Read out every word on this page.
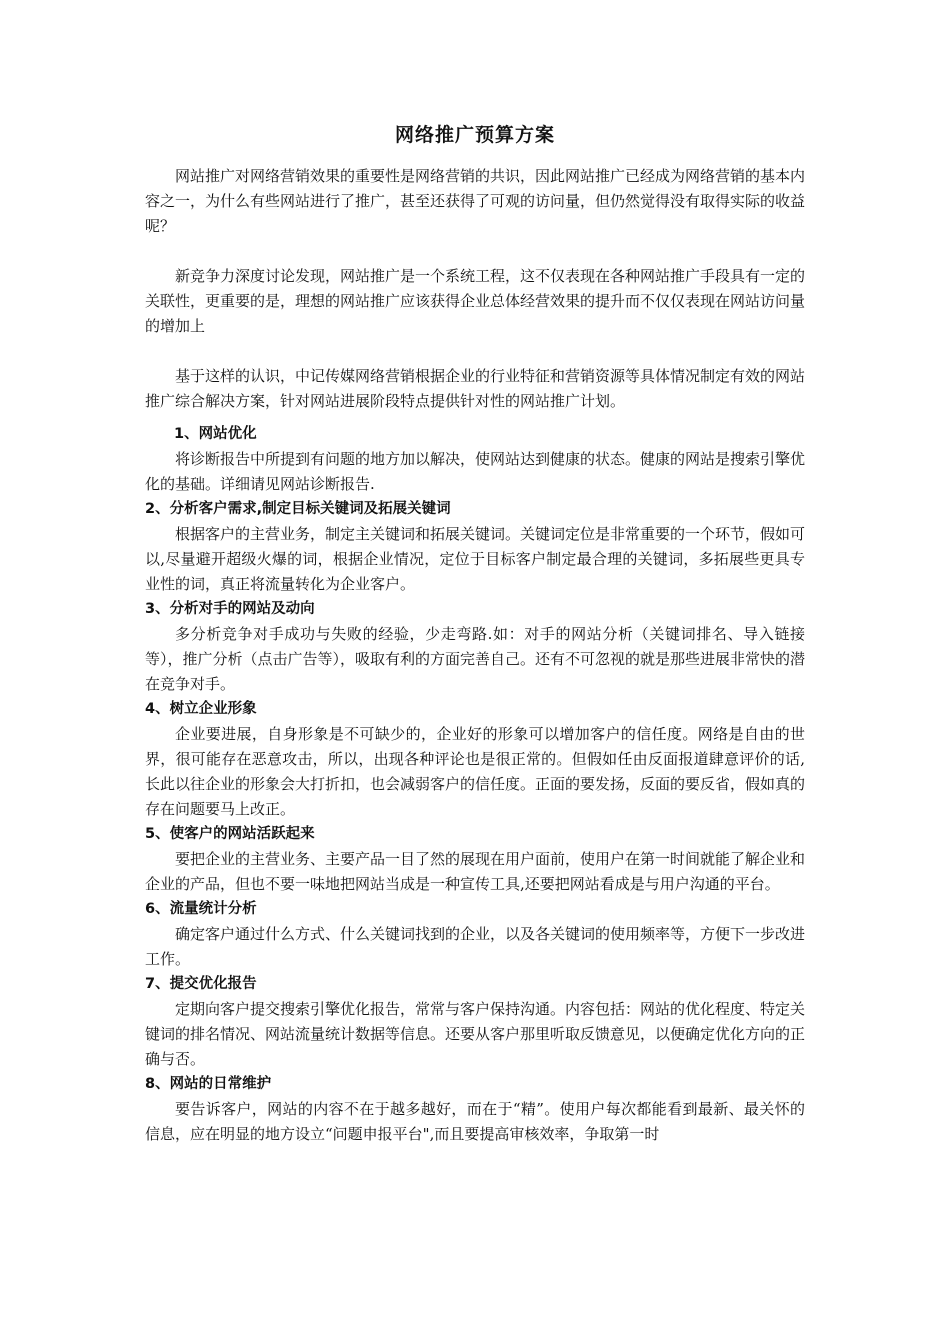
网络推广预算方案

网站推广对网络营销效果的重要性是网络营销的共识，因此网站推广已经成为网络营销的基本内容之一，为什么有些网站进行了推广，甚至还获得了可观的访问量，但仍然觉得没有取得实际的收益呢？

新竞争力深度讨论发现，网站推广是一个系统工程，这不仅表现在各种网站推广手段具有一定的关联性，更重要的是，理想的网站推广应该获得企业总体经营效果的提升而不仅仅表现在网站访问量的增加上

基于这样的认识，中记传媒网络营销根据企业的行业特征和营销资源等具体情况制定有效的网站推广综合解决方案，针对网站进展阶段特点提供针对性的网站推广计划。

1、网站优化

将诊断报告中所提到有问题的地方加以解决，使网站达到健康的状态。健康的网站是搜索引擎优化的基础。详细请见网站诊断报告.

2、分析客户需求,制定目标关键词及拓展关键词

根据客户的主营业务，制定主关键词和拓展关键词。关键词定位是非常重要的一个环节，假如可以,尽量避开超级火爆的词，根据企业情况，定位于目标客户制定最合理的关键词，多拓展些更具专业性的词，真正将流量转化为企业客户。

3、分析对手的网站及动向

多分析竞争对手成功与失败的经验，少走弯路.如：对手的网站分析（关键词排名、导入链接等），推广分析（点击广告等），吸取有利的方面完善自己。还有不可忽视的就是那些进展非常快的潜在竞争对手。

4、树立企业形象

企业要进展，自身形象是不可缺少的，企业好的形象可以增加客户的信任度。网络是自由的世界，很可能存在恶意攻击，所以，出现各种评论也是很正常的。但假如任由反面报道肆意评价的话,长此以往企业的形象会大打折扣，也会减弱客户的信任度。正面的要发扬，反面的要反省，假如真的存在问题要马上改正。

5、使客户的网站活跃起来

要把企业的主营业务、主要产品一目了然的展现在用户面前，使用户在第一时间就能了解企业和企业的产品，但也不要一味地把网站当成是一种宣传工具,还要把网站看成是与用户沟通的平台。

6、流量统计分析

确定客户通过什么方式、什么关键词找到的企业，以及各关键词的使用频率等，方便下一步改进工作。

7、提交优化报告

定期向客户提交搜索引擎优化报告，常常与客户保持沟通。内容包括：网站的优化程度、特定关键词的排名情况、网站流量统计数据等信息。还要从客户那里听取反馈意见，以便确定优化方向的正确与否。

8、网站的日常维护

要告诉客户，网站的内容不在于越多越好，而在于“精”。使用户每次都能看到最新、最关怀的信息，应在明显的地方设立“问题申报平台",而且要提高审核效率，争取第一时
